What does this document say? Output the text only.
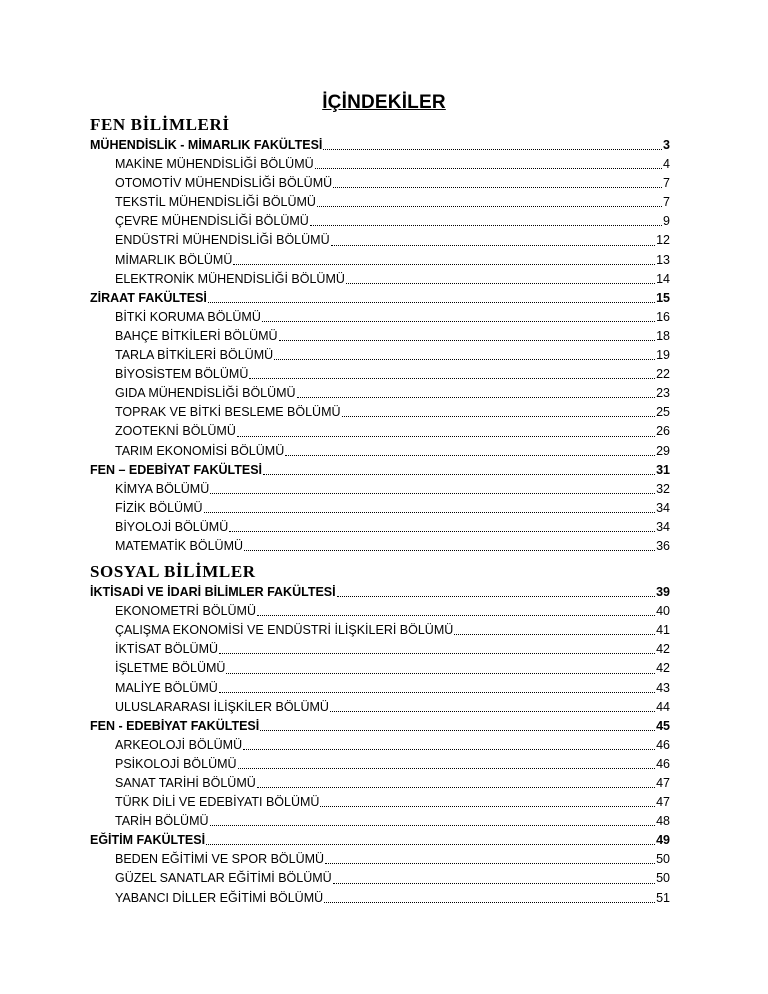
İÇİNDEKİLER
FEN BİLİMLERİ
MÜHENDİSLİK - MİMARLIK FAKÜLTESİ	3
MAKİNE MÜHENDİSLİĞİ BÖLÜMÜ	4
OTOMOTİV MÜHENDİSLİĞİ BÖLÜMÜ	7
TEKSTİL MÜHENDİSLİĞİ BÖLÜMÜ	7
ÇEVRE MÜHENDİSLİĞİ BÖLÜMÜ	9
ENDÜSTRİ MÜHENDİSLİĞİ BÖLÜMÜ	12
MİMARLIK BÖLÜMÜ	13
ELEKTRONİK MÜHENDİSLİĞİ BÖLÜMÜ	14
ZİRAAT FAKÜLTESİ	15
BİTKİ KORUMA BÖLÜMÜ	16
BAHÇE BİTKİLERİ BÖLÜMÜ	18
TARLA BİTKİLERİ BÖLÜMÜ	19
BİYOSİSTEM BÖLÜMÜ	22
GIDA MÜHENDİSLİĞİ BÖLÜMÜ	23
TOPRAK VE BİTKİ BESLEME BÖLÜMÜ	25
ZOOTEKNİ BÖLÜMÜ	26
TARIM EKONOMİSİ BÖLÜMÜ	29
FEN – EDEBİYAT FAKÜLTESİ	31
KİMYA BÖLÜMÜ	32
FİZİK BÖLÜMÜ	34
BİYOLOJİ BÖLÜMÜ	34
MATEMATİK BÖLÜMÜ	36
SOSYAL BİLİMLER
İKTİSADİ VE İDARİ BİLİMLER FAKÜLTESİ	39
EKONOMETRİ BÖLÜMÜ	40
ÇALIŞMA EKONOMİSİ VE ENDÜSTRİ İLİŞKİLERİ BÖLÜMÜ	41
İKTİSAT BÖLÜMÜ	42
İŞLETME BÖLÜMÜ	42
MALİYE BÖLÜMÜ	43
ULUSLARARASI İLİŞKİLER BÖLÜMÜ	44
FEN - EDEBİYAT FAKÜLTESİ	45
ARKEOLOJİ BÖLÜMÜ	46
PSİKOLOJİ BÖLÜMÜ	46
SANAT TARİHİ BÖLÜMÜ	47
TÜRK DİLİ VE EDEBİYATI BÖLÜMÜ	47
TARİH BÖLÜMÜ	48
EĞİTİM FAKÜLTESİ	49
BEDEN EĞİTİMİ VE SPOR BÖLÜMÜ	50
GÜZEL SANATLAR EĞİTİMİ BÖLÜMÜ	50
YABANCI DİLLER EĞİTİMİ BÖLÜMÜ	51
